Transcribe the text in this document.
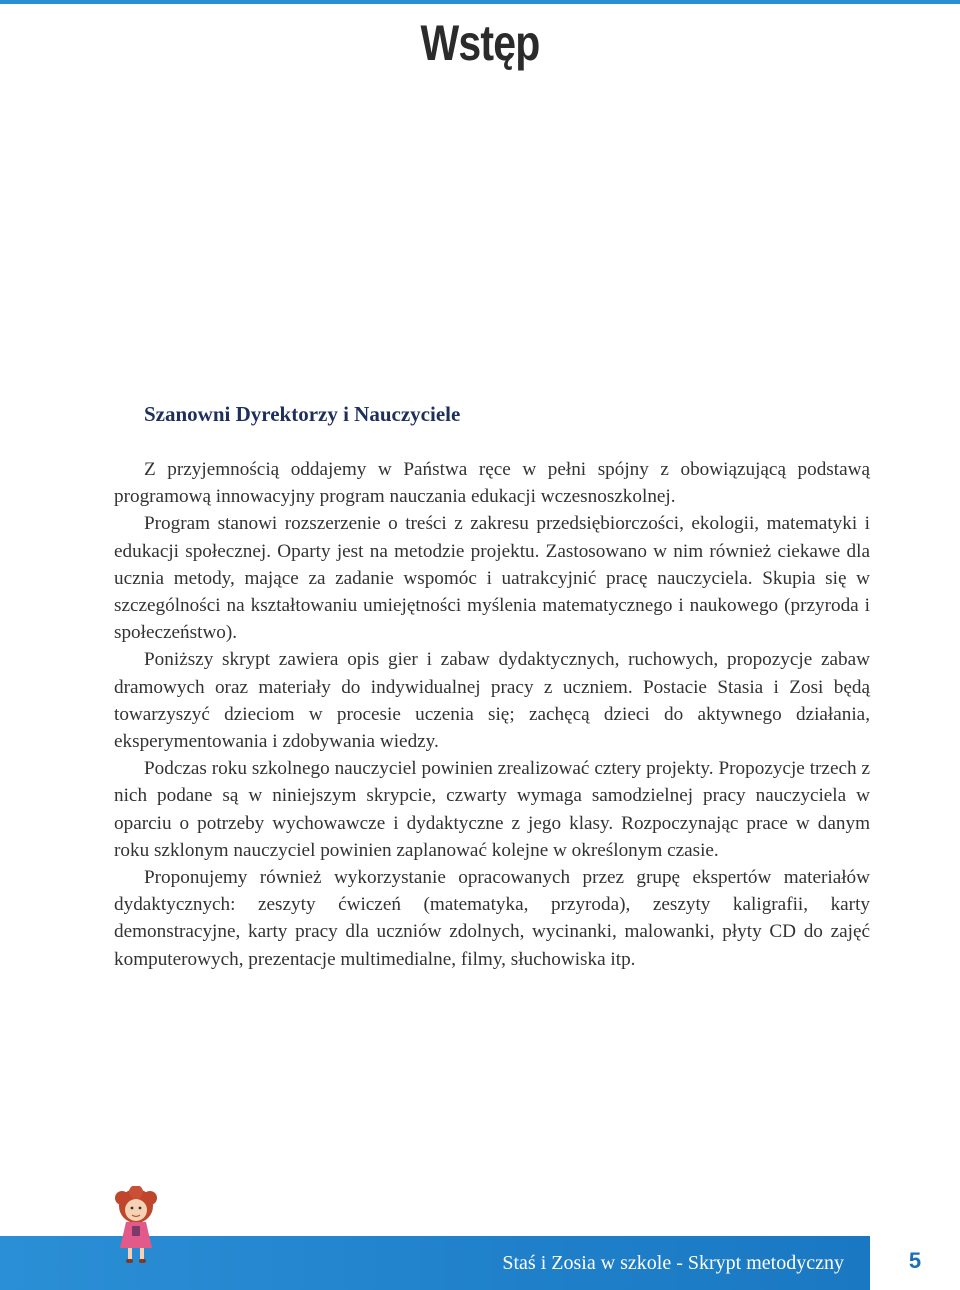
Wstęp
Szanowni Dyrektorzy i Nauczyciele

Z przyjemnością oddajemy w Państwa ręce w pełni spójny z obowiązującą podstawą programową innowacyjny program nauczania edukacji wczesnoszkolnej.

Program stanowi rozszerzenie o treści z zakresu przedsiębiorczości, ekologii, matematyki i edukacji społecznej. Oparty jest na metodzie projektu. Zastosowano w nim również ciekawe dla ucznia metody, mające za zadanie wspomóc i uatrakcyjnić pracę nauczyciela. Skupia się w szczególności na kształtowaniu umiejętności myślenia matematycznego i naukowego (przyroda i społeczeństwo).

Poniższy skrypt zawiera opis gier i zabaw dydaktycznych, ruchowych, propozycje zabaw dramowych oraz materiały do indywidualnej pracy z uczniem. Postacie Stasia i Zosi będą towarzyszyć dzieciom w procesie uczenia się; zachęcą dzieci do aktywnego działania, eksperymentowania i zdobywania wiedzy.

Podczas roku szkolnego nauczyciel powinien zrealizować cztery projekty. Propozycje trzech z nich podane są w niniejszym skrypcie, czwarty wymaga samodzielnej pracy nauczyciela w oparciu o potrzeby wychowawcze i dydaktyczne z jego klasy. Rozpoczynając prace w danym roku szklonym nauczyciel powinien zaplanować kolejne w określonym czasie.

Proponujemy również wykorzystanie opracowanych przez grupę ekspertów materiałów dydaktycznych: zeszyty ćwiczeń (matematyka, przyroda), zeszyty kaligrafii, karty demonstracyjne, karty pracy dla uczniów zdolnych, wycinanki, malowanki, płyty CD do zajęć komputerowych, prezentacje multimedialne, filmy, słuchowiska itp.

Staś i Zosia w szkole - Skrypt metodyczny	5
